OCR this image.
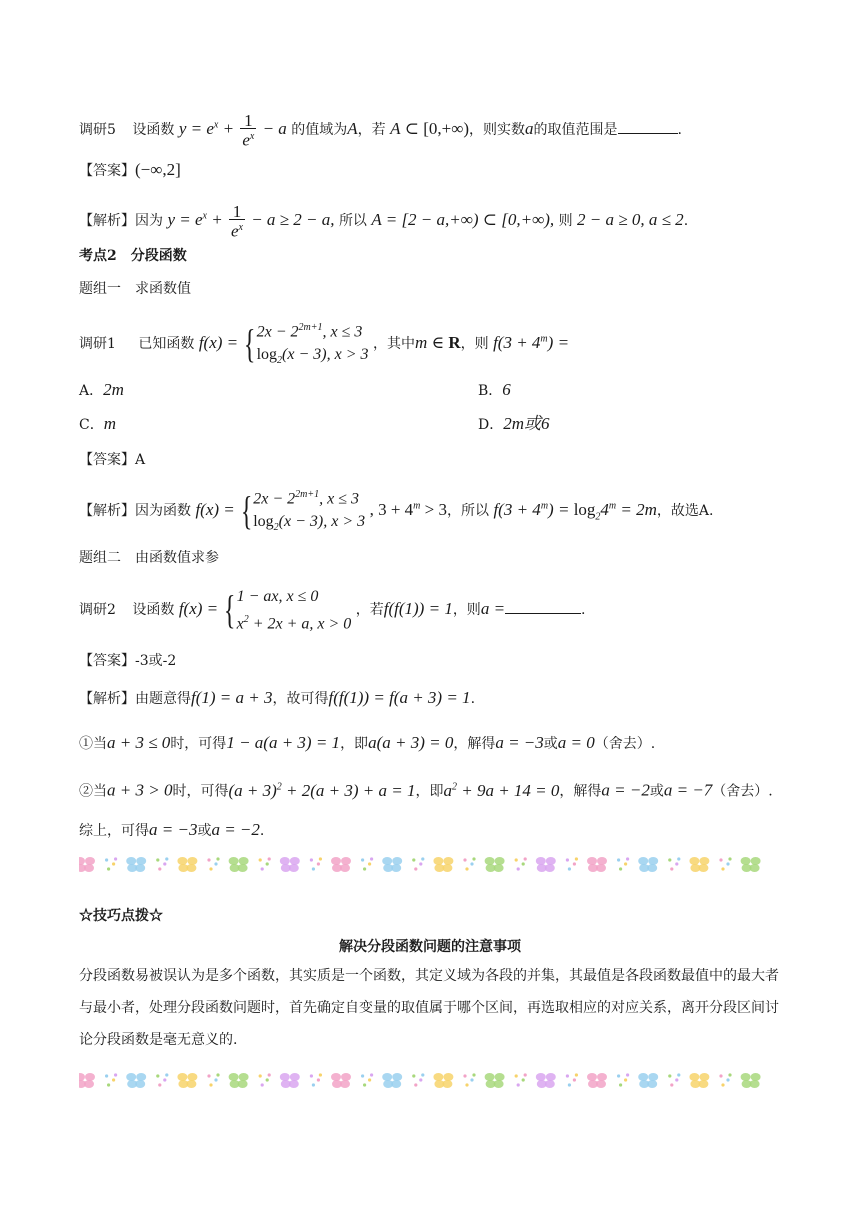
调研5 设函数 $y = e^x + \frac{1}{e^x} - a$ 的值域为A，若 A ⊂ [0,+∞)，则实数a的取值范围是	.
【答案】(−∞,2]
【解析】因为 $y = e^x + \frac{1}{e^x} - a \ge 2 - a$, 所以 A = [2 − a,+∞) ⊂ [0,+∞), 则 2 − a ≥ 0, a ≤ 2.
考点2　分段函数
题组一　求函数值
调研1 已知函数 f(x) = { $2x - 2^{2m+1}$, x ≤ 3
$\log_2(x - 3)$, x > 3
，其中m ∈ R，则 $f(3 + 4^m)$ =
A．2m	B．6
C．m	D．2m或6
【答案】A
【解析】因为函数 f(x) = { $2x - 2^{2m+1}$, x ≤ 3
$\log_2(x - 3)$, x > 3
, $3 + 4^m > 3$，所以 $f(3 + 4^m) = \log_24^m = 2m$，故选A.
题组二　由函数值求参
调研2 设函数 f(x) = { 1 − ax, x ≤ 0
$x^2 + 2x + a$, x > 0
，若f(f(1)) = 1，则a =	.
【答案】-3或-2
【解析】由题意得f(1) = a + 3，故可得f(f(1)) = f(a + 3) = 1.
①当a + 3 ≤ 0时，可得1 − a(a + 3) = 1，即a(a + 3) = 0，解得a = −3或a = 0（舍去）.
②当a + 3 > 0时，可得$(a + 3)^2 + 2(a + 3) + a = 1$，即$a^2 + 9a + 14 = 0$，解得a = −2或a = −7（舍去）.
综上，可得a = −3或a = −2.
☆技巧点拨☆
解决分段函数问题的注意事项
分段函数易被误认为是多个函数，其实质是一个函数，其定义域为各段的并集，其最值是各段函数最值中的最大者与最小者，处理分段函数问题时，首先确定自变量的取值属于哪个区间，再选取相应的对应关系，离开分段区间讨论分段函数是毫无意义的.
